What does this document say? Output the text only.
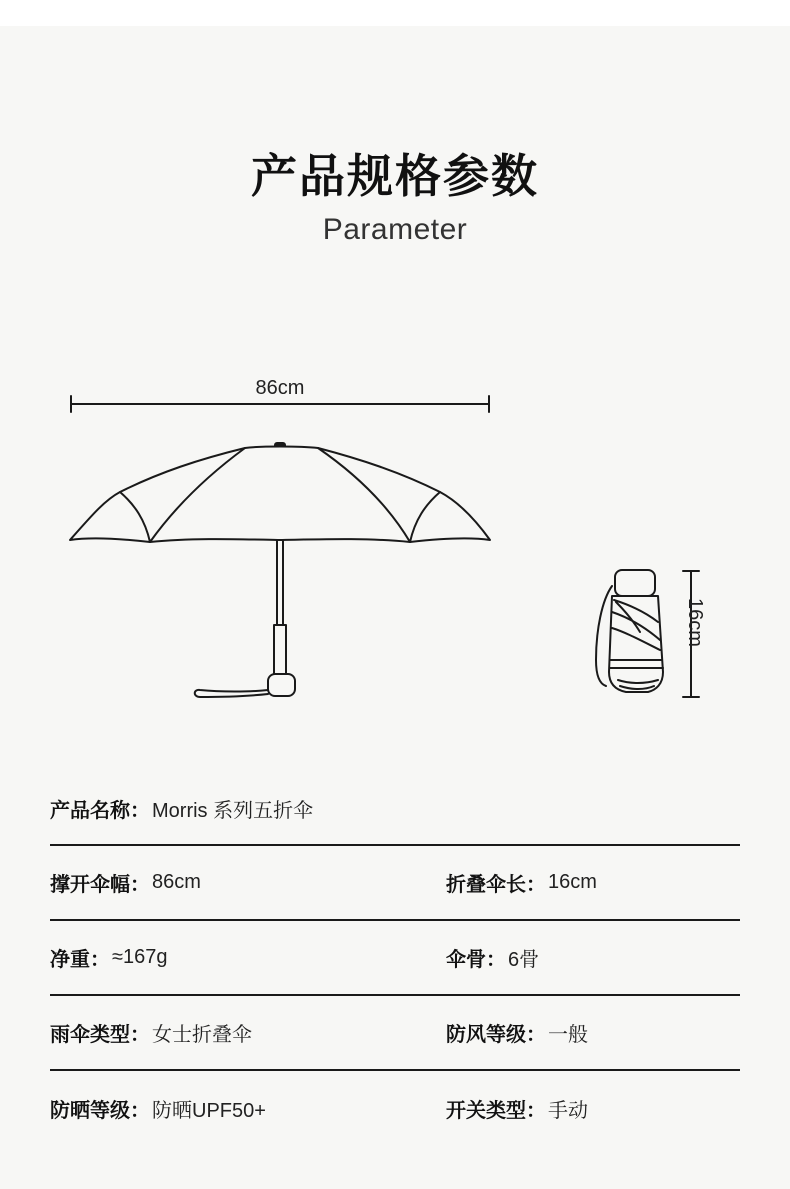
产品规格参数
Parameter
86cm
16cm
产品名称： Morris 系列五折伞
撑开伞幅： 86cm	折叠伞长： 16cm
净重： ≈167g	伞骨： 6骨
雨伞类型： 女士折叠伞	防风等级： 一般
防晒等级： 防晒UPF50+	开关类型： 手动
